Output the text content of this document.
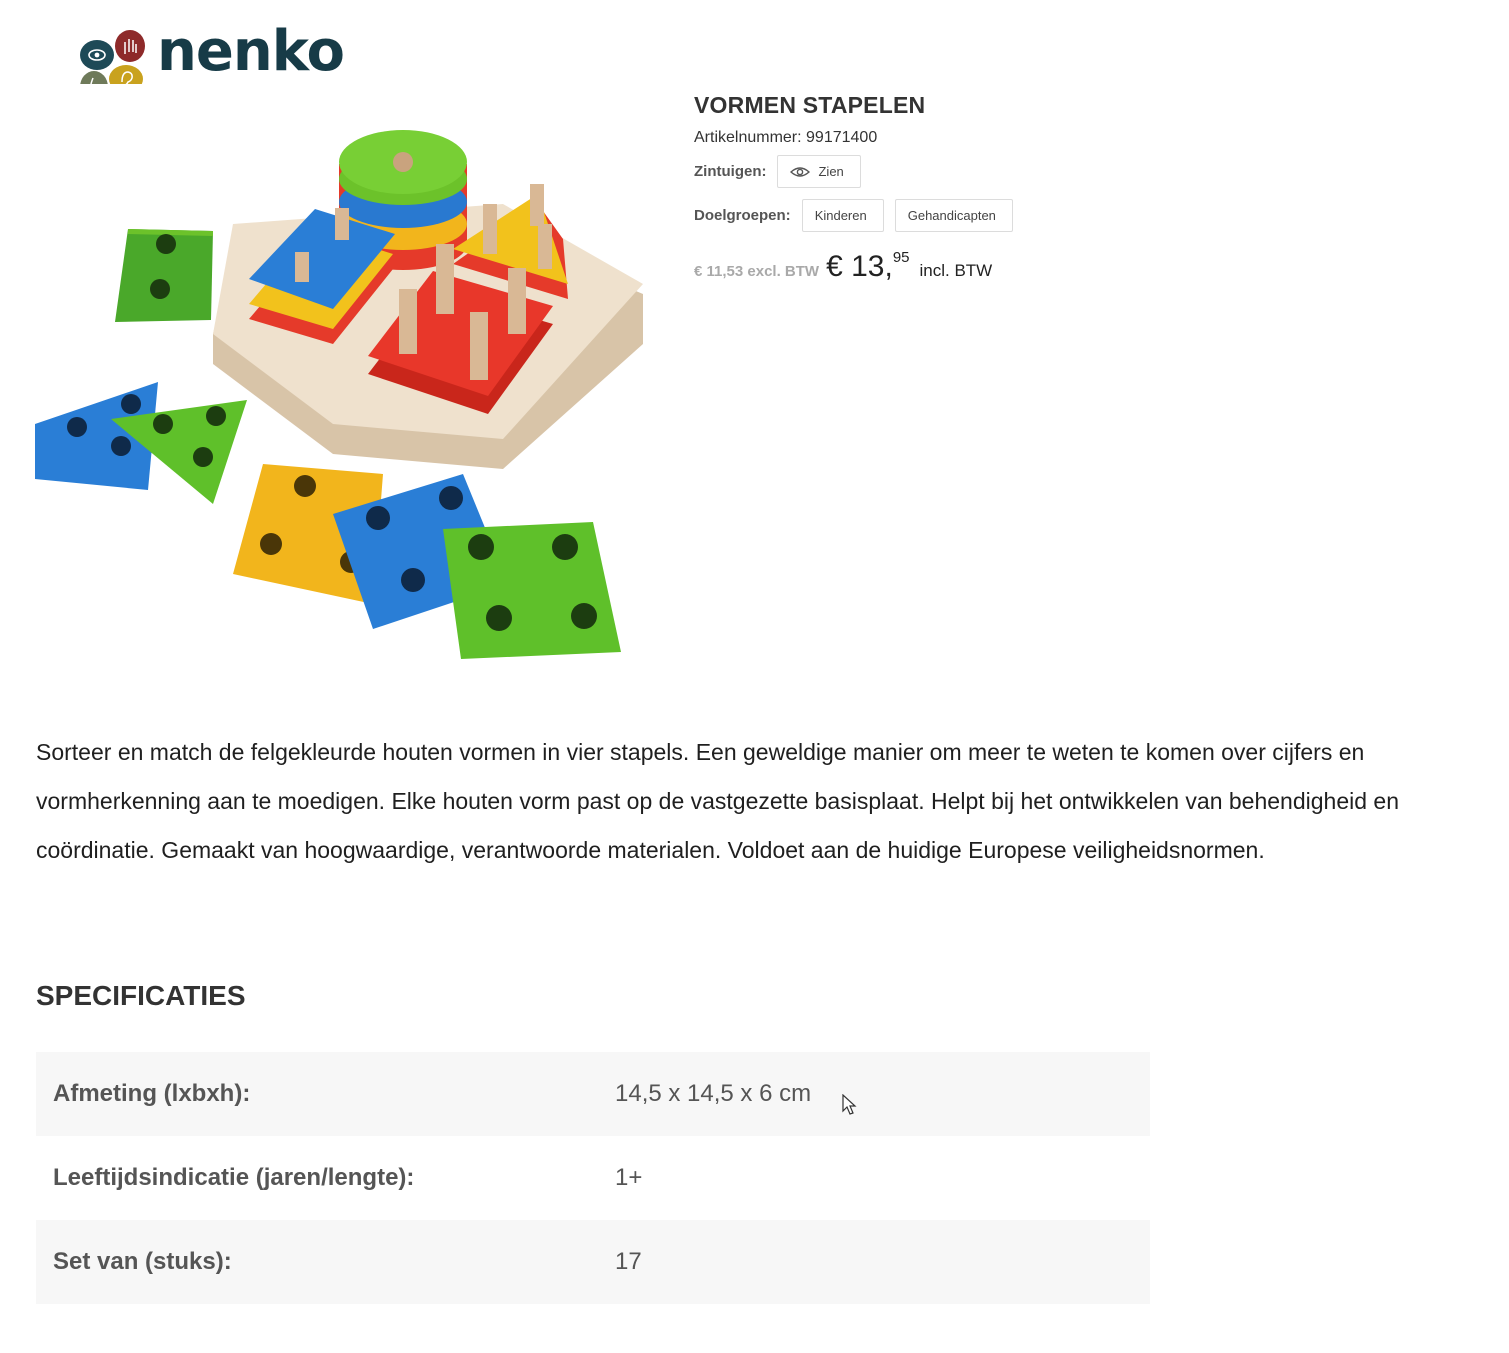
nenko
VORMEN STAPELEN
Artikelnummer: 99171400
Zintuigen:	Zien
Doelgroepen:	Kinderen	Gehandicapten
€ 11,53 excl. BTW € 13, 95
incl. BTW

Sorteer en match de felgekleurde houten vormen in vier stapels. Een geweldige manier om meer te weten te komen over cijfers en vormherkenning aan te moedigen. Elke houten vorm past op de vastgezette basisplaat. Helpt bij het ontwikkelen van behendigheid en coördinatie. Gemaakt van hoogwaardige, verantwoorde materialen. Voldoet aan de huidige Europese veiligheidsnormen.

SPECIFICATIES
Afmeting (lxbxh):	14,5 x 14,5 x 6 cm
Leeftijdsindicatie (jaren/lengte):	1+
Set van (stuks):	17
